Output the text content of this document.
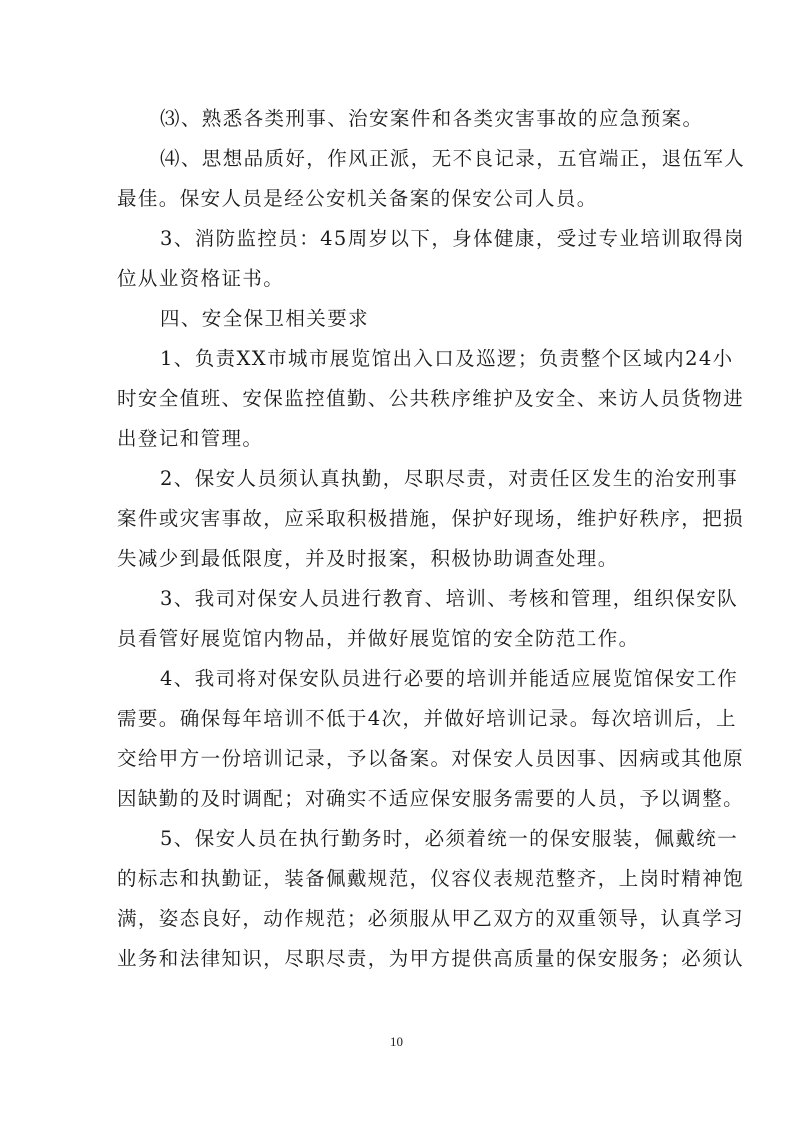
⑶、熟悉各类刑事、治安案件和各类灾害事故的应急预案。
⑷、思想品质好，作风正派，无不良记录，五官端正，退伍军人
最佳。保安人员是经公安机关备案的保安公司人员。
3、消防监控员：45周岁以下，身体健康，受过专业培训取得岗
位从业资格证书。
四、安全保卫相关要求
1、负责XX市城市展览馆出入口及巡逻；负责整个区域内24小
时安全值班、安保监控值勤、公共秩序维护及安全、来访人员货物进
出登记和管理。
2、保安人员须认真执勤，尽职尽责，对责任区发生的治安刑事
案件或灾害事故，应采取积极措施，保护好现场，维护好秩序，把损
失减少到最低限度，并及时报案，积极协助调查处理。
3、我司对保安人员进行教育、培训、考核和管理，组织保安队
员看管好展览馆内物品，并做好展览馆的安全防范工作。
4、我司将对保安队员进行必要的培训并能适应展览馆保安工作
需要。确保每年培训不低于4次，并做好培训记录。每次培训后，上
交给甲方一份培训记录，予以备案。对保安人员因事、因病或其他原
因缺勤的及时调配；对确实不适应保安服务需要的人员，予以调整。
5、保安人员在执行勤务时，必须着统一的保安服装，佩戴统一
的标志和执勤证，装备佩戴规范，仪容仪表规范整齐，上岗时精神饱
满，姿态良好，动作规范；必须服从甲乙双方的双重领导，认真学习
业务和法律知识，尽职尽责，为甲方提供高质量的保安服务；必须认
10
